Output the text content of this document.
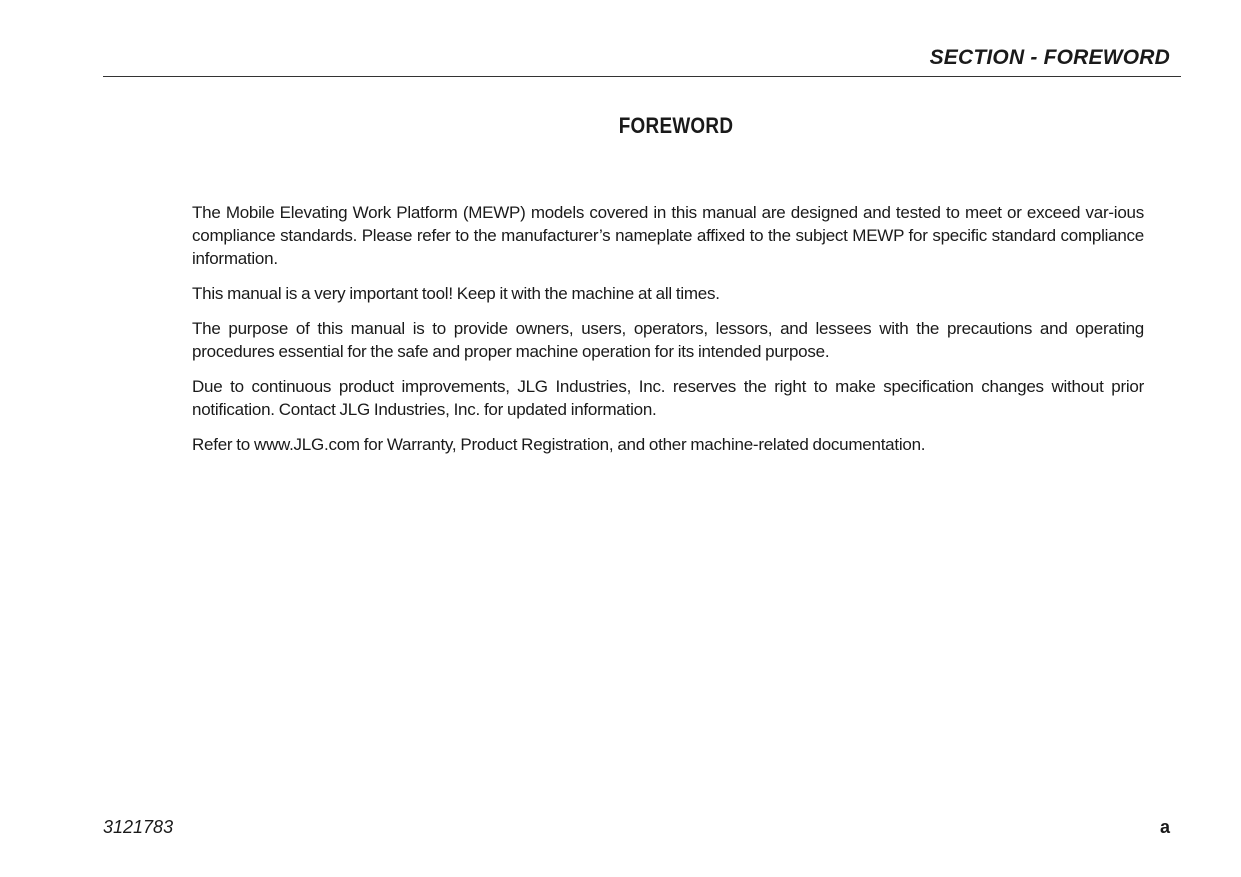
SECTION - FOREWORD
FOREWORD

The Mobile Elevating Work Platform (MEWP) models covered in this manual are designed and tested to meet or exceed var-ious compliance standards. Please refer to the manufacturer’s nameplate affixed to the subject MEWP for specific standard compliance information.

This manual is a very important tool! Keep it with the machine at all times.

The purpose of this manual is to provide owners, users, operators, lessors, and lessees with the precautions and operating procedures essential for the safe and proper machine operation for its intended purpose.

Due to continuous product improvements, JLG Industries, Inc. reserves the right to make specification changes without prior notification. Contact JLG Industries, Inc. for updated information.

Refer to www.JLG.com for Warranty, Product Registration, and other machine-related documentation.

3121783	a
